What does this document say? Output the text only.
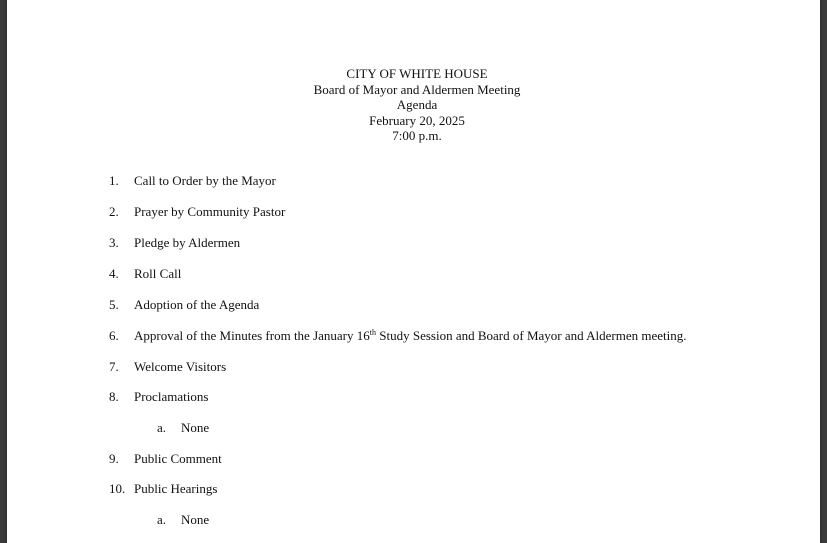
CITY OF WHITE HOUSE
Board of Mayor and Aldermen Meeting
Agenda
February 20, 2025
7:00 p.m.
1. Call to Order by the Mayor
2. Prayer by Community Pastor
3. Pledge by Aldermen
4. Roll Call
5. Adoption of the Agenda
6. Approval of the Minutes from the January 16th Study Session and Board of Mayor and Aldermen meeting.
7. Welcome Visitors
8. Proclamations
a. None
9. Public Comment
10. Public Hearings
a. None
